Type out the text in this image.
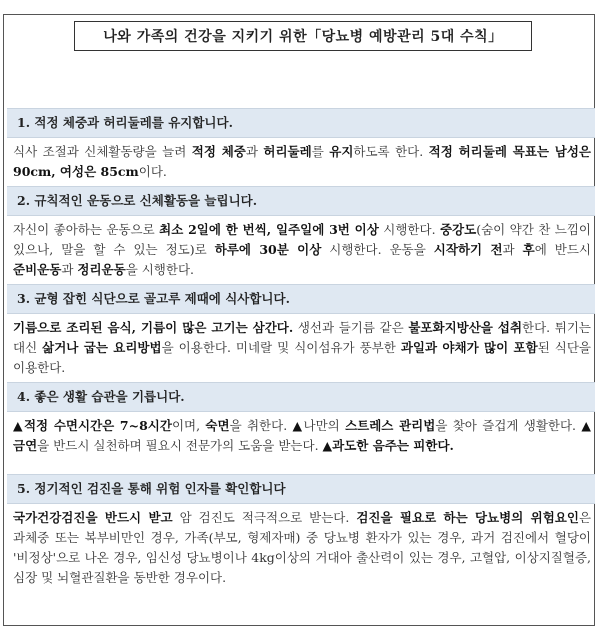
나와 가족의 건강을 지키기 위한「당뇨병 예방관리 5대 수칙」
1. 적정 체중과 허리둘레를 유지합니다.
식사 조절과 신체활동량을 늘려 적정 체중과 허리둘레를 유지하도록 한다. 적정 허리둘레 목표는 남성은 90cm, 여성은 85cm이다.
2. 규칙적인 운동으로 신체활동을 늘립니다.
자신이 좋아하는 운동으로 최소 2일에 한 번씩, 일주일에 3번 이상 시행한다. 중강도(숨이 약간 찬 느낌이 있으나, 말을 할 수 있는 정도)로 하루에 30분 이상 시행한다. 운동을 시작하기 전과 후에 반드시 준비운동과 정리운동을 시행한다.
3. 균형 잡힌 식단으로 골고루 제때에 식사합니다.
기름으로 조리된 음식, 기름이 많은 고기는 삼간다. 생선과 들기름 같은 불포화지방산을 섭취한다. 튀기는 대신 삶거나 굽는 요리방법을 이용한다. 미네랄 및 식이섬유가 풍부한 과일과 야채가 많이 포함된 식단을 이용한다.
4. 좋은 생활 습관을 기릅니다.
▲적정 수면시간은 7~8시간이며, 숙면을 취한다. ▲나만의 스트레스 관리법을 찾아 즐겁게 생활한다. ▲금연을 반드시 실천하며 필요시 전문가의 도움을 받는다. ▲과도한 음주는 피한다.
5. 정기적인 검진을 통해 위험 인자를 확인합니다
국가건강검진을 반드시 받고 암 검진도 적극적으로 받는다. 검진을 필요로 하는 당뇨병의 위험요인은 과체중 또는 복부비만인 경우, 가족(부모, 형제자매) 중 당뇨병 환자가 있는 경우, 과거 검진에서 혈당이 '비정상'으로 나온 경우, 임신성 당뇨병이나 4kg이상의 거대아 출산력이 있는 경우, 고혈압, 이상지질혈증, 심장 및 뇌혈관질환을 동반한 경우이다.
